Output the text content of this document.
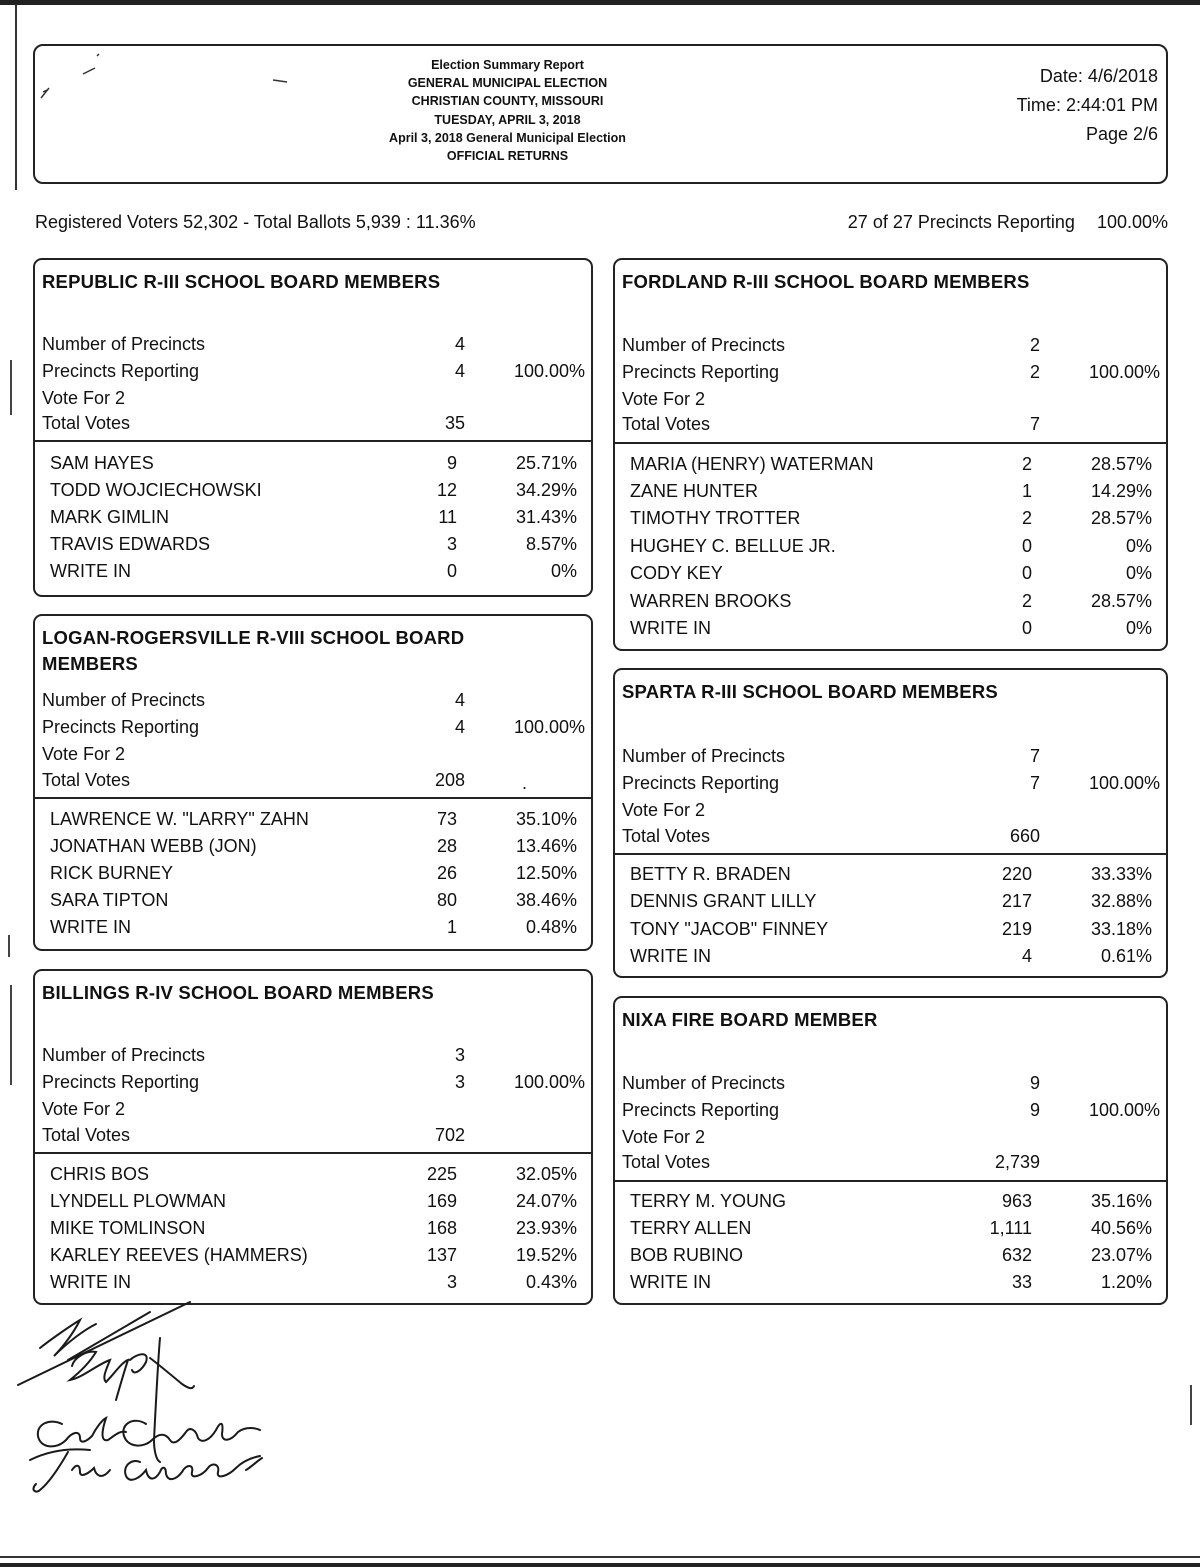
Election Summary Report
GENERAL MUNICIPAL ELECTION
CHRISTIAN COUNTY, MISSOURI
TUESDAY, APRIL 3, 2018
April 3, 2018 General Municipal Election
OFFICIAL RETURNS
Date: 4/6/2018
Time: 2:44:01 PM
Page 2/6
Registered Voters 52,302 - Total Ballots 5,939 : 11.36%	27 of 27 Precincts Reporting 100.00%
REPUBLIC R-III SCHOOL BOARD MEMBERS
Number of Precincts	4
Precincts Reporting	4	100.00%
Vote For 2
Total Votes	35
SAM HAYES	9	25.71%
TODD WOJCIECHOWSKI	12	34.29%
MARK GIMLIN	11	31.43%
TRAVIS EDWARDS	3	8.57%
WRITE IN	0	0%
LOGAN-ROGERSVILLE R-VIII SCHOOL BOARD MEMBERS
Number of Precincts	4
Precincts Reporting	4	100.00%
Vote For 2
Total Votes	208	.
LAWRENCE W. "LARRY" ZAHN	73	35.10%
JONATHAN WEBB (JON)	28	13.46%
RICK BURNEY	26	12.50%
SARA TIPTON	80	38.46%
WRITE IN	1	0.48%
BILLINGS R-IV SCHOOL BOARD MEMBERS
Number of Precincts	3
Precincts Reporting	3	100.00%
Vote For 2
Total Votes	702
CHRIS BOS	225	32.05%
LYNDELL PLOWMAN	169	24.07%
MIKE TOMLINSON	168	23.93%
KARLEY REEVES (HAMMERS)	137	19.52%
WRITE IN	3	0.43%
FORDLAND R-III SCHOOL BOARD MEMBERS
Number of Precincts	2
Precincts Reporting	2	100.00%
Vote For 2
Total Votes	7
MARIA (HENRY) WATERMAN	2	28.57%
ZANE HUNTER	1	14.29%
TIMOTHY TROTTER	2	28.57%
HUGHEY C. BELLUE JR.	0	0%
CODY KEY	0	0%
WARREN BROOKS	2	28.57%
WRITE IN	0	0%
SPARTA R-III SCHOOL BOARD MEMBERS
Number of Precincts	7
Precincts Reporting	7	100.00%
Vote For 2
Total Votes	660
BETTY R. BRADEN	220	33.33%
DENNIS GRANT LILLY	217	32.88%
TONY "JACOB" FINNEY	219	33.18%
WRITE IN	4	0.61%
NIXA FIRE BOARD MEMBER
Number of Precincts	9
Precincts Reporting	9	100.00%
Vote For 2
Total Votes	2,739
TERRY M. YOUNG	963	35.16%
TERRY ALLEN	1,111	40.56%
BOB RUBINO	632	23.07%
WRITE IN	33	1.20%
